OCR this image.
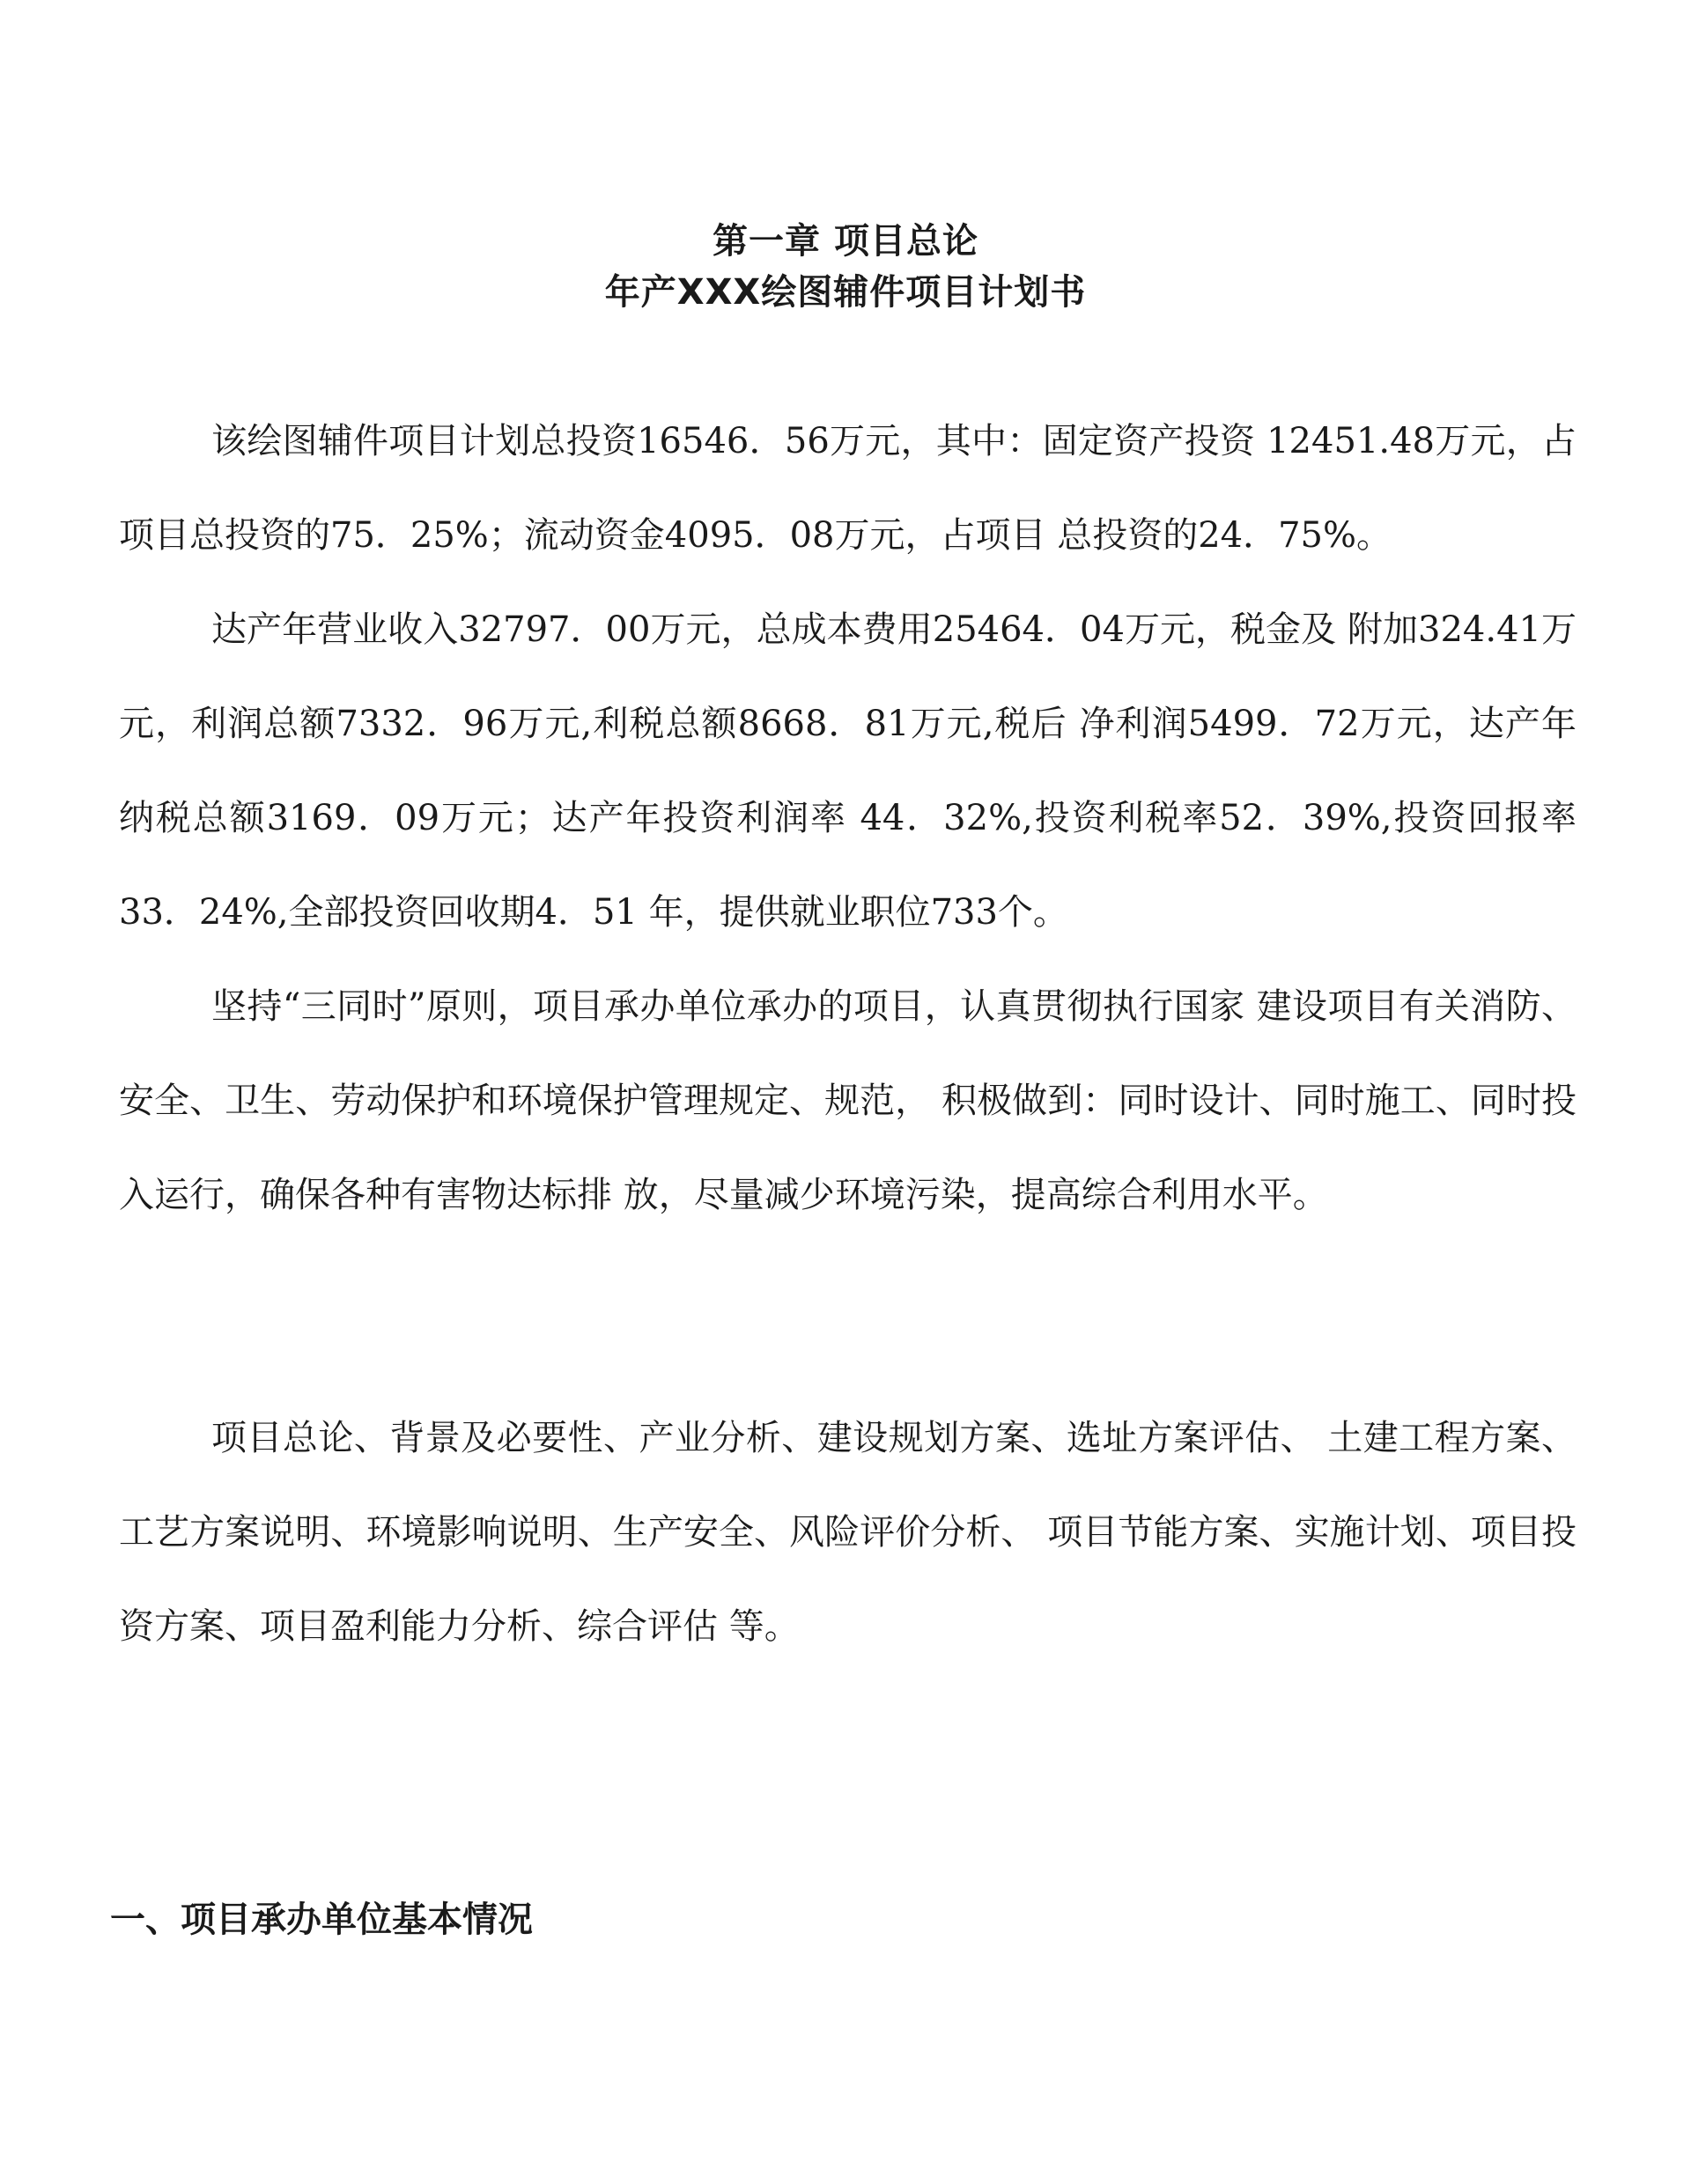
第一章 项目总论
年产XXX绘图辅件项目计划书

该绘图辅件项目计划总投资16546．56万元，其中：固定资产投资 12451.48万元，占项目总投资的75．25%；流动资金4095．08万元，占项目 总投资的24．75%。

达产年营业收入32797．00万元，总成本费用25464．04万元，税金及 附加324.41万元，利润总额7332．96万元,利税总额8668．81万元,税后 净利润5499．72万元，达产年纳税总额3169．09万元；达产年投资利润率 44．32%,投资利税率52．39%,投资回报率33．24%,全部投资回收期4．51 年，提供就业职位733个。

坚持“三同时”原则，项目承办单位承办的项目，认真贯彻执行国家 建设项目有关消防、安全、卫生、劳动保护和环境保护管理规定、规范， 积极做到：同时设计、同时施工、同时投入运行，确保各种有害物达标排 放，尽量减少环境污染，提高综合利用水平。

项目总论、背景及必要性、产业分析、建设规划方案、选址方案评估、 土建工程方案、工艺方案说明、环境影响说明、生产安全、风险评价分析、 项目节能方案、实施计划、项目投资方案、项目盈利能力分析、综合评估 等。

一、项目承办单位基本情况
